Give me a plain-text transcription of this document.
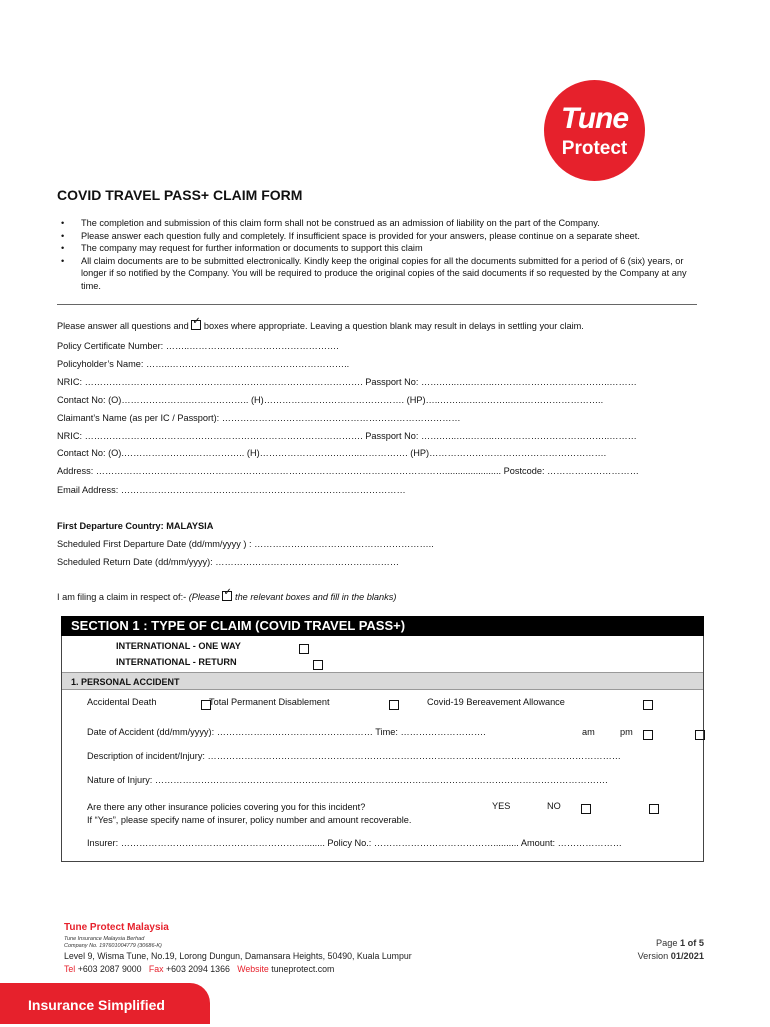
Tune
Protect
COVID TRAVEL PASS+ CLAIM FORM
• The completion and submission of this claim form shall not be construed as an admission of liability on the part of the Company.
• Please answer each question fully and completely. If insufficient space is provided for your answers, please continue on a separate sheet.
• The company may request for further information or documents to support this claim
• All claim documents are to be submitted electronically. Kindly keep the original copies for all the documents submitted for a period of 6 (six) years, or longer if so notified by the Company. You will be required to produce the original copies of the said documents if so requested by the Company at any time.
Please answer all questions and ✓ boxes where appropriate. Leaving a question blank may result in delays in settling your claim.
Policy Certificate Number: ……..………………………………………….
Policyholder’s Name: ……..…………………………………………………..
NRIC: ………………………………………………………………………………. Passport No: …….…..…..……..………………………………..………
Contact No: (O)………………….……………….. (H)………………………………………. (HP)…..……..…..………..…..……………………..
Claimant’s Name (as per IC / Passport): ……………………………………………………………………
NRIC: ………………………………………………………………………………. Passport No: …….…..…..……..………………………………..………
Contact No: (O).…………………..…………….. (H)…………………….……..……………. (HP)………………………………………………….
Address: ……………………………………………………………………………………………………...................... Postcode: …………………………
Email Address: …………………………………………………………………………………
First Departure Country: MALAYSIA
Scheduled First Departure Date (dd/mm/yyyy ) : …………………………………………………..
Scheduled Return Date (dd/mm/yyyy): ……………………………………………………
I am filing a claim in respect of:- (Please ✓ the relevant boxes and fill in the blanks)
SECTION 1 : TYPE OF CLAIM (COVID TRAVEL PASS+)
INTERNATIONAL - ONE WAY

INTERNATIONAL - RETURN

1. PERSONAL ACCIDENT
Accidental Death
	Total Permanent Disablement
	Covid-19 Bereavement Allowance

Date of Accident (dd/mm/yyyy): …………………………………………… Time: ……………………….
	am
	pm
Description of incident/Injury: ………………………………………………………………………………………………………………………
Nature of Injury: ………………………………………………………………………………………………………………………………….
Are there any other insurance policies covering you for this incident?
	YES	NO
If “Yes”, please specify name of insurer, policy number and amount recoverable.
Insurer: ……………………………………………………........ Policy No.: ………………………………….......... Amount: …………………
Tune Protect Malaysia
Tune Insurance Malaysia Berhad
Company No. 197601004779 (30686-K)
Level 9, Wisma Tune, No.19, Lorong Dungun, Damansara Heights, 50490, Kuala Lumpur
Tel +603 2087 9000 Fax +603 2094 1366 Website tuneprotect.com
Page 1 of 5
Version 01/2021
Insurance Simplified
